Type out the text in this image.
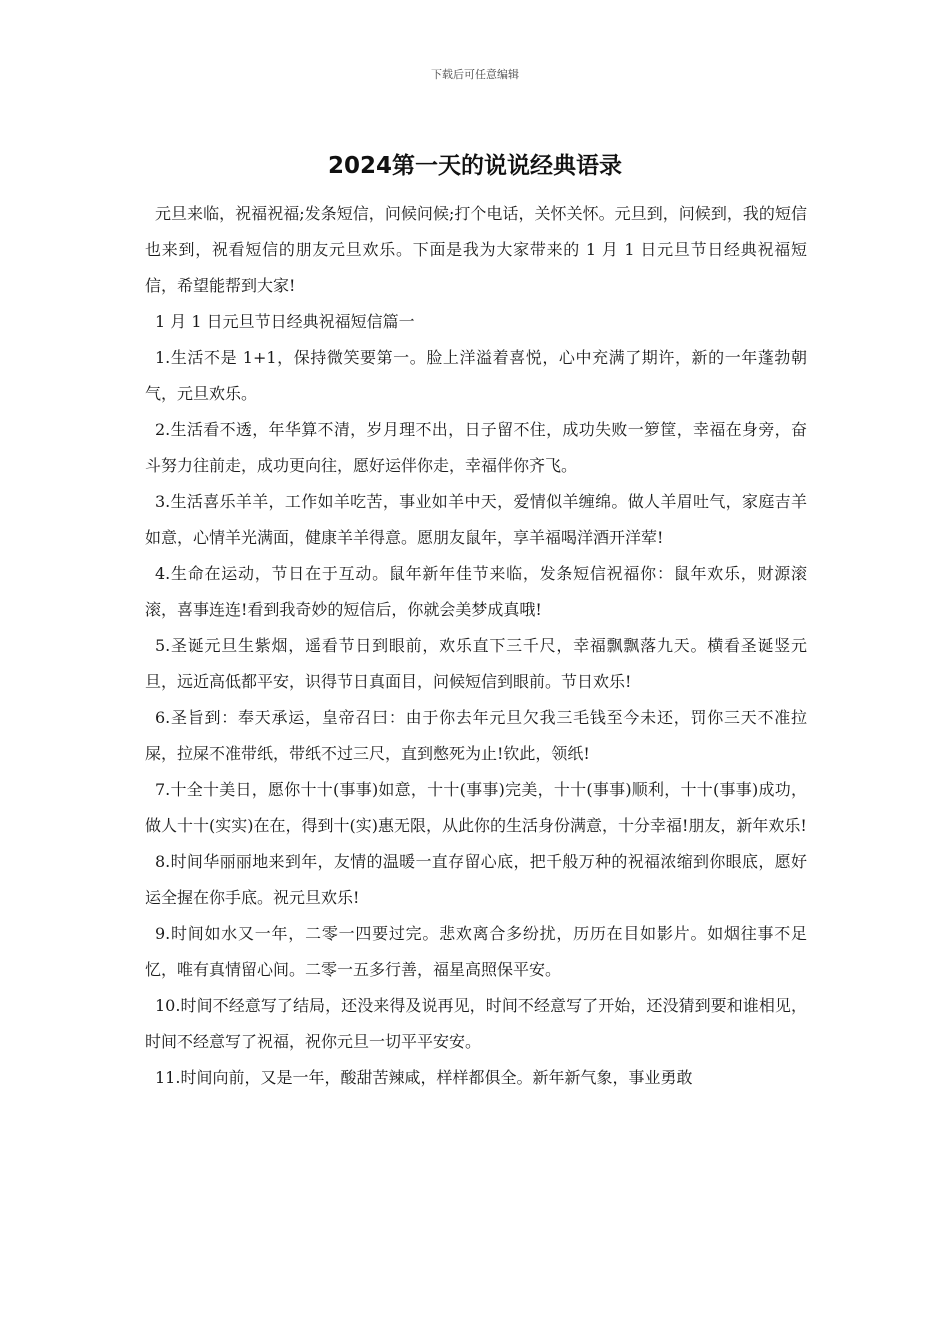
下载后可任意编辑
2024第一天的说说经典语录

元旦来临，祝福祝福;发条短信，问候问候;打个电话，关怀关怀。元旦到，问候到，我的短信也来到，祝看短信的朋友元旦欢乐。下面是我为大家带来的 1 月 1 日元旦节日经典祝福短信，希望能帮到大家!

1 月 1 日元旦节日经典祝福短信篇一

1.生活不是 1+1，保持微笑要第一。脸上洋溢着喜悦，心中充满了期许，新的一年蓬勃朝气，元旦欢乐。

2.生活看不透，年华算不清，岁月理不出，日子留不住，成功失败一箩筐，幸福在身旁，奋斗努力往前走，成功更向往，愿好运伴你走，幸福伴你齐飞。

3.生活喜乐羊羊，工作如羊吃苦，事业如羊中天，爱情似羊缠绵。做人羊眉吐气，家庭吉羊如意，心情羊光满面，健康羊羊得意。愿朋友鼠年，享羊福喝洋酒开洋荤!

4.生命在运动，节日在于互动。鼠年新年佳节来临，发条短信祝福你：鼠年欢乐，财源滚滚，喜事连连!看到我奇妙的短信后，你就会美梦成真哦!

5.圣诞元旦生紫烟，遥看节日到眼前，欢乐直下三千尺，幸福飘飘落九天。横看圣诞竖元旦，远近高低都平安，识得节日真面目，问候短信到眼前。节日欢乐!

6.圣旨到：奉天承运，皇帝召曰：由于你去年元旦欠我三毛钱至今未还，罚你三天不准拉屎，拉屎不准带纸，带纸不过三尺，直到憋死为止!钦此，领纸!

7.十全十美日，愿你十十(事事)如意，十十(事事)完美，十十(事事)顺利，十十(事事)成功，做人十十(实实)在在，得到十(实)惠无限，从此你的生活身份满意，十分幸福!朋友，新年欢乐!

8.时间华丽丽地来到年，友情的温暖一直存留心底，把千般万种的祝福浓缩到你眼底，愿好运全握在你手底。祝元旦欢乐!

9.时间如水又一年，二零一四要过完。悲欢离合多纷扰，历历在目如影片。如烟往事不足忆，唯有真情留心间。二零一五多行善，福星高照保平安。

10.时间不经意写了结局，还没来得及说再见，时间不经意写了开始，还没猜到要和谁相见，时间不经意写了祝福，祝你元旦一切平平安安。

11.时间向前，又是一年，酸甜苦辣咸，样样都俱全。新年新气象，事业勇敢
